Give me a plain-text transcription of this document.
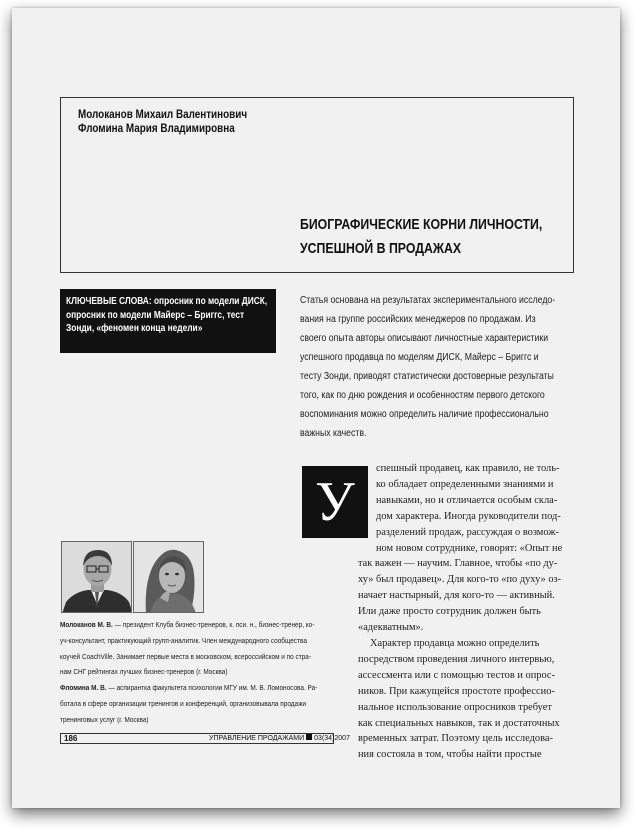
Молоканов Михаил Валентинович
Фломина Мария Владимировна
БИОГРАФИЧЕСКИЕ КОРНИ ЛИЧНОСТИ,
УСПЕШНОЙ В ПРОДАЖАХ
КЛЮЧЕВЫЕ СЛОВА: опросник по модели ДИСК, опросник по модели Майерс – Бриггс, тест Зонди, «феномен конца недели»
Статья основана на результатах экспериментального исследо-
вания на группе российских менеджеров по продажам. Из
своего опыта авторы описывают личностные характеристики
успешного продавца по моделям ДИСК, Майерс – Бриггс и
тесту Зонди, приводят статистически достоверные результаты
того, как по дню рождения и особенностям первого детского
воспоминания можно определить наличие профессионально
важных качеств.
У
спешный продавец, как правило, не толь-
ко обладает определенными знаниями и
навыками, но и отличается особым склa-
дом характера. Иногда руководители под-
разделений продаж, рассуждая о возмож-
ном новом сотруднике, говорят: «Опыт не
так важен — научим. Главное, чтобы «по ду-
ху» был продавец». Для кого-то «по духу» оз-
начает настырный, для кого-то — активный.
Или даже просто сотрудник должен быть
«адекватным».
Характер продавца можно определить
посредством проведения личного интервью,
ассессмента или с помощью тестов и опрос-
ников. При кажущейся простоте профессио-
нальное использование опросников требует
как специальных навыков, так и достаточных
временных затрат. Поэтому цель исследова-
ния состояла в том, чтобы найти простые
Молоканов М. В. — президент Клуба бизнес-тренеров, к. пси. н., бизнес-тренер, ко-
уч-консультант, практикующий групп-аналитик. Член международного сообщества
коучей CoachVille. Занимает первые места в московском, всероссийском и по стра-
нам СНГ рейтингах лучших бизнес-тренеров (г. Москва)
Фломина М. В. — аспирантка факультета психологии МГУ им. М. В. Ломоносова. Ра-
ботала в сфере организации тренингов и конференций, организовывала продажи
тренинговых услуг (г. Москва)
186	УПРАВЛЕНИЕ ПРОДАЖАМИ 03(34)2007
